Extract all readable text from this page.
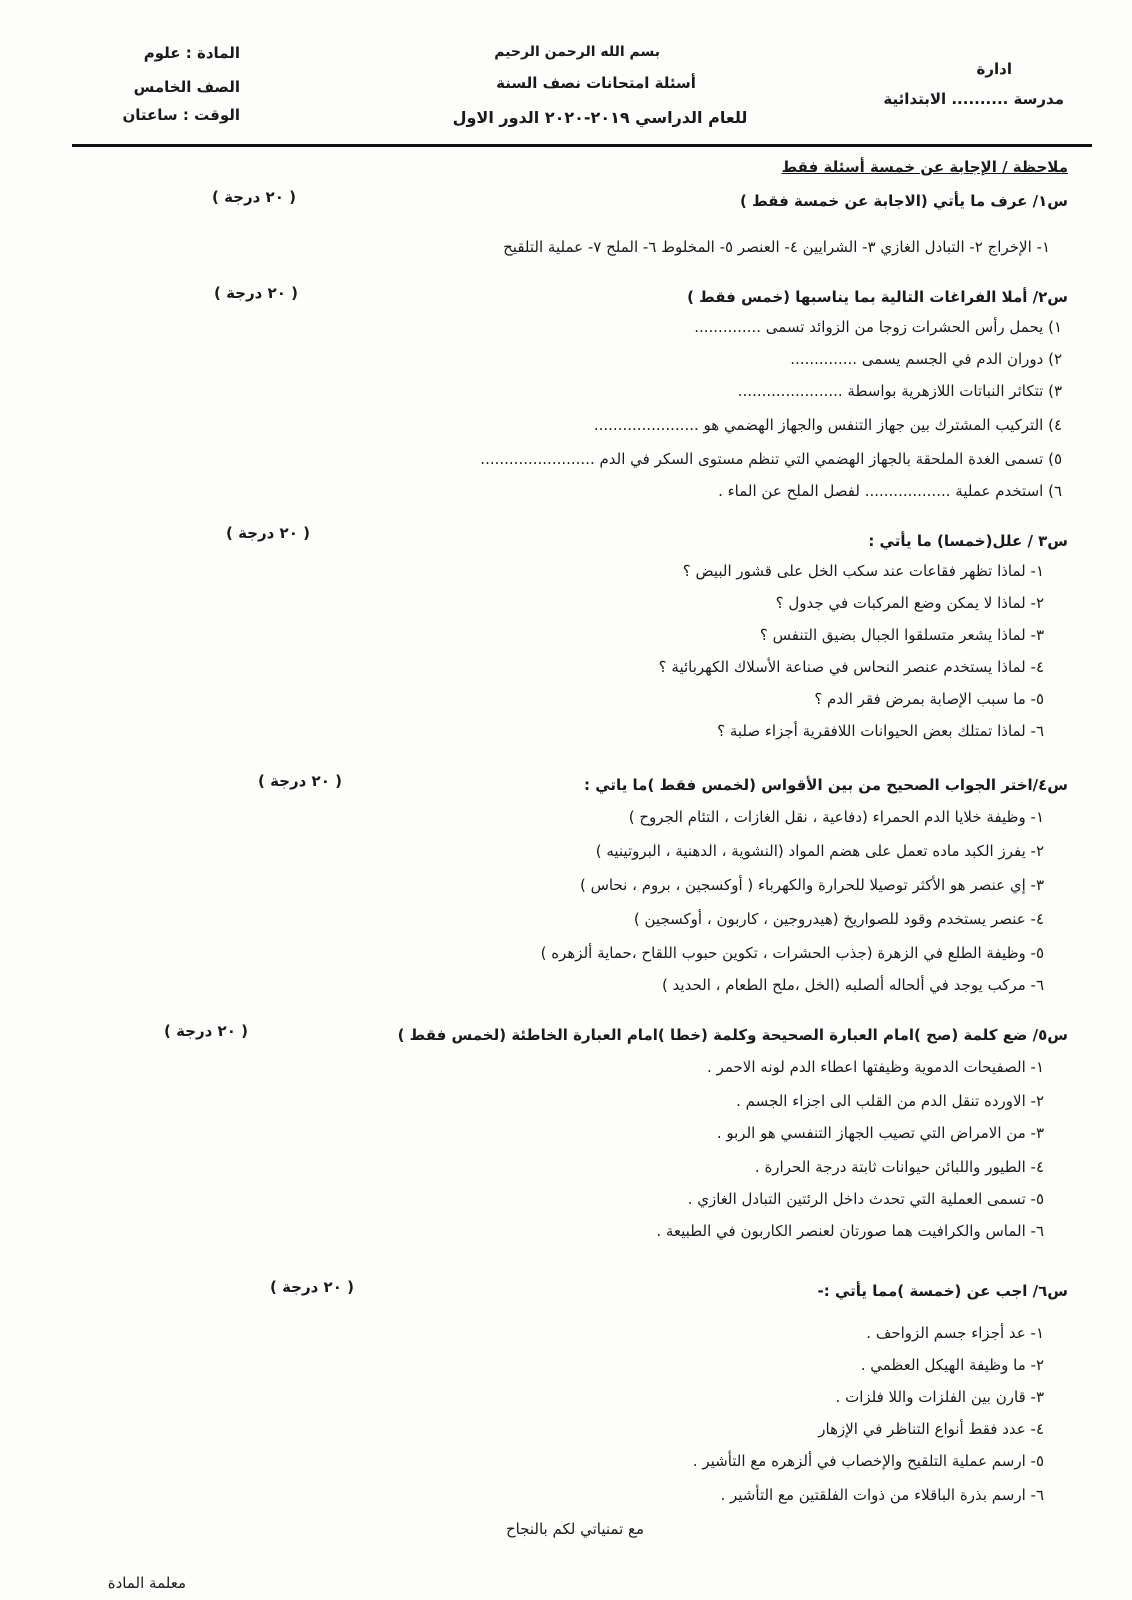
بسم الله الرحمن الرحيم
أسئلة امتحانات نصف السنة
للعام الدراسي ٢٠١٩-٢٠٢٠ الدور الاول
ادارة
مدرسة .......... الابتدائية
المادة : علوم
الصف الخامس
الوقت : ساعتان
ملاحظة / الإجابة عن خمسة أسئلة فقط
س١/ عرف ما يأتي (الاجابة عن خمسة فقط )
( ٢٠ درجة )
١- الإخراج ٢- التبادل الغازي ٣- الشرايين ٤- العنصر ٥- المخلوط ٦- الملح ٧- عملية التلقيح
س٢/ أملا الفراغات التالية بما يناسبها (خمس فقط )
( ٢٠ درجة )
١) يحمل رأس الحشرات زوجا من الزوائد تسمى ..............
٢) دوران الدم في الجسم يسمى ..............
٣) تتكاثر النباتات اللازهرية بواسطة ......................
٤) التركيب المشترك بين جهاز التنفس والجهاز الهضمي هو ......................
٥) تسمى الغدة الملحقة بالجهاز الهضمي التي تنظم مستوى السكر في الدم ........................
٦) استخدم عملية .................. لفصل الملح عن الماء .
س٣ / علل(خمسا) ما يأتي :
( ٢٠ درجة )
١- لماذا تظهر فقاعات عند سكب الخل على قشور البيض ؟
٢- لماذا لا يمكن وضع المركبات في جدول ؟
٣- لماذا يشعر متسلقوا الجبال بضيق التنفس ؟
٤- لماذا يستخدم عنصر النحاس في صناعة الأسلاك الكهربائية ؟
٥- ما سبب الإصابة بمرض فقر الدم ؟
٦- لماذا تمتلك بعض الحيوانات اللافقرية أجزاء صلبة ؟
س٤/اختر الجواب الصحيح من بين الأقواس (لخمس فقط )ما ياتي :
( ٢٠ درجة )
١- وظيفة خلايا الدم الحمراء (دفاعية ، نقل الغازات ، التئام الجروح )
٢- يفرز الكبد ماده تعمل على هضم المواد (النشوية ، الدهنية ، البروتينيه )
٣- إي عنصر هو الأكثر توصيلا للحرارة والكهرباء ( أوكسجين ، بروم ، نحاس )
٤- عنصر يستخدم وقود للصواريخ (هيدروجين ، كاربون ، أوكسجين )
٥- وظيفة الطلع في الزهرة (جذب الحشرات ، تكوين حبوب اللقاح ،حماية ألزهره )
٦- مركب يوجد في ألحاله ألصلبه (الخل ،ملح الطعام ، الحديد )
س٥/ ضع كلمة (صح )امام العبارة الصحيحة وكلمة (خطا )امام العبارة الخاطئة (لخمس فقط )
( ٢٠ درجة )
١- الصفيحات الدموية وظيفتها اعطاء الدم لونه الاحمر .
٢- الاورده تنقل الدم من القلب الى اجزاء الجسم .
٣- من الامراض التي تصيب الجهاز التنفسي هو الربو .
٤- الطيور واللبائن حيوانات ثابتة درجة الحرارة .
٥- تسمى العملية التي تحدث داخل الرئتين التبادل الغازي .
٦- الماس والكرافيت هما صورتان لعنصر الكاربون في الطبيعة .
س٦/ اجب عن (خمسة )مما يأتي :-
( ٢٠ درجة )
١- عد أجزاء جسم الزواحف .
٢- ما وظيفة الهيكل العظمي .
٣- قارن بين الفلزات واللا فلزات .
٤- عدد فقط أنواع التناظر في الإزهار
٥- ارسم عملية التلقيح والإخصاب في ألزهره مع التأشير .
٦- ارسم بذرة الباقلاء من ذوات الفلقتين مع التأشير .
مع تمنياتي لكم بالنجاح
معلمة المادة
